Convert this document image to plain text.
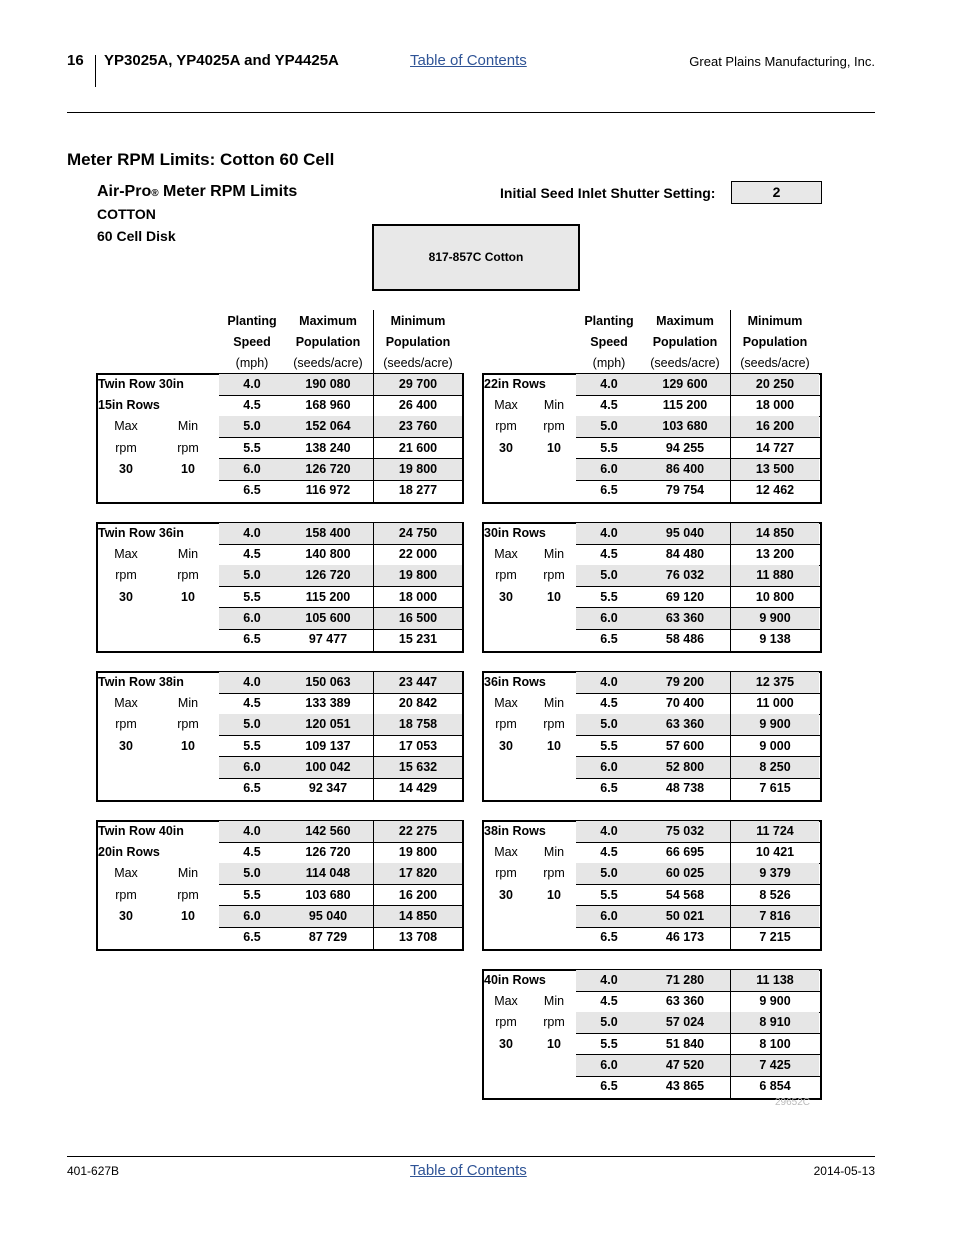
16 YP3025A, YP4025A and YP4425A	Table of Contents	Great Plains Manufacturing, Inc.
Meter RPM Limits: Cotton 60 Cell
Air-Pro® Meter RPM Limits
COTTON
60 Cell Disk
Initial Seed Inlet Shutter Setting:	2
817-857C Cotton
Planting
Speed
(mph)
Maximum
Population
(seeds/acre)
Minimum
Population
(seeds/acre)
Planting
Speed
(mph)
Maximum
Population
(seeds/acre)
Minimum
Population
(seeds/acre)
Twin Row 30in
15in Rows
Max	Min
rpm	rpm
30	10
4.0	190 080	29 700
4.5	168 960	26 400
5.0	152 064	23 760
5.5	138 240	21 600
6.0	126 720	19 800
6.5	116 972	18 277
Twin Row 36in
Max	Min
rpm	rpm
30	10
4.0	158 400	24 750
4.5	140 800	22 000
5.0	126 720	19 800
5.5	115 200	18 000
6.0	105 600	16 500
6.5	97 477	15 231
Twin Row 38in
Max	Min
rpm	rpm
30	10
4.0	150 063	23 447
4.5	133 389	20 842
5.0	120 051	18 758
5.5	109 137	17 053
6.0	100 042	15 632
6.5	92 347	14 429
Twin Row 40in
20in Rows
Max	Min
rpm	rpm
30	10
4.0	142 560	22 275
4.5	126 720	19 800
5.0	114 048	17 820
5.5	103 680	16 200
6.0	95 040	14 850
6.5	87 729	13 708
22in Rows
Max	Min
rpm	rpm
30	10
4.0	129 600	20 250
4.5	115 200	18 000
5.0	103 680	16 200
5.5	94 255	14 727
6.0	86 400	13 500
6.5	79 754	12 462
30in Rows
Max	Min
rpm	rpm
30	10
4.0	95 040	14 850
4.5	84 480	13 200
5.0	76 032	11 880
5.5	69 120	10 800
6.0	63 360	9 900
6.5	58 486	9 138
36in Rows
Max	Min
rpm	rpm
30	10
4.0	79 200	12 375
4.5	70 400	11 000
5.0	63 360	9 900
5.5	57 600	9 000
6.0	52 800	8 250
6.5	48 738	7 615
38in Rows
Max	Min
rpm	rpm
30	10
4.0	75 032	11 724
4.5	66 695	10 421
5.0	60 025	9 379
5.5	54 568	8 526
6.0	50 021	7 816
6.5	46 173	7 215
40in Rows
Max	Min
rpm	rpm
30	10
4.0	71 280	11 138
4.5	63 360	9 900
5.0	57 024	8 910
5.5	51 840	8 100
6.0	47 520	7 425
6.5	43 865	6 854
29652C
401-627B	Table of Contents	2014-05-13
